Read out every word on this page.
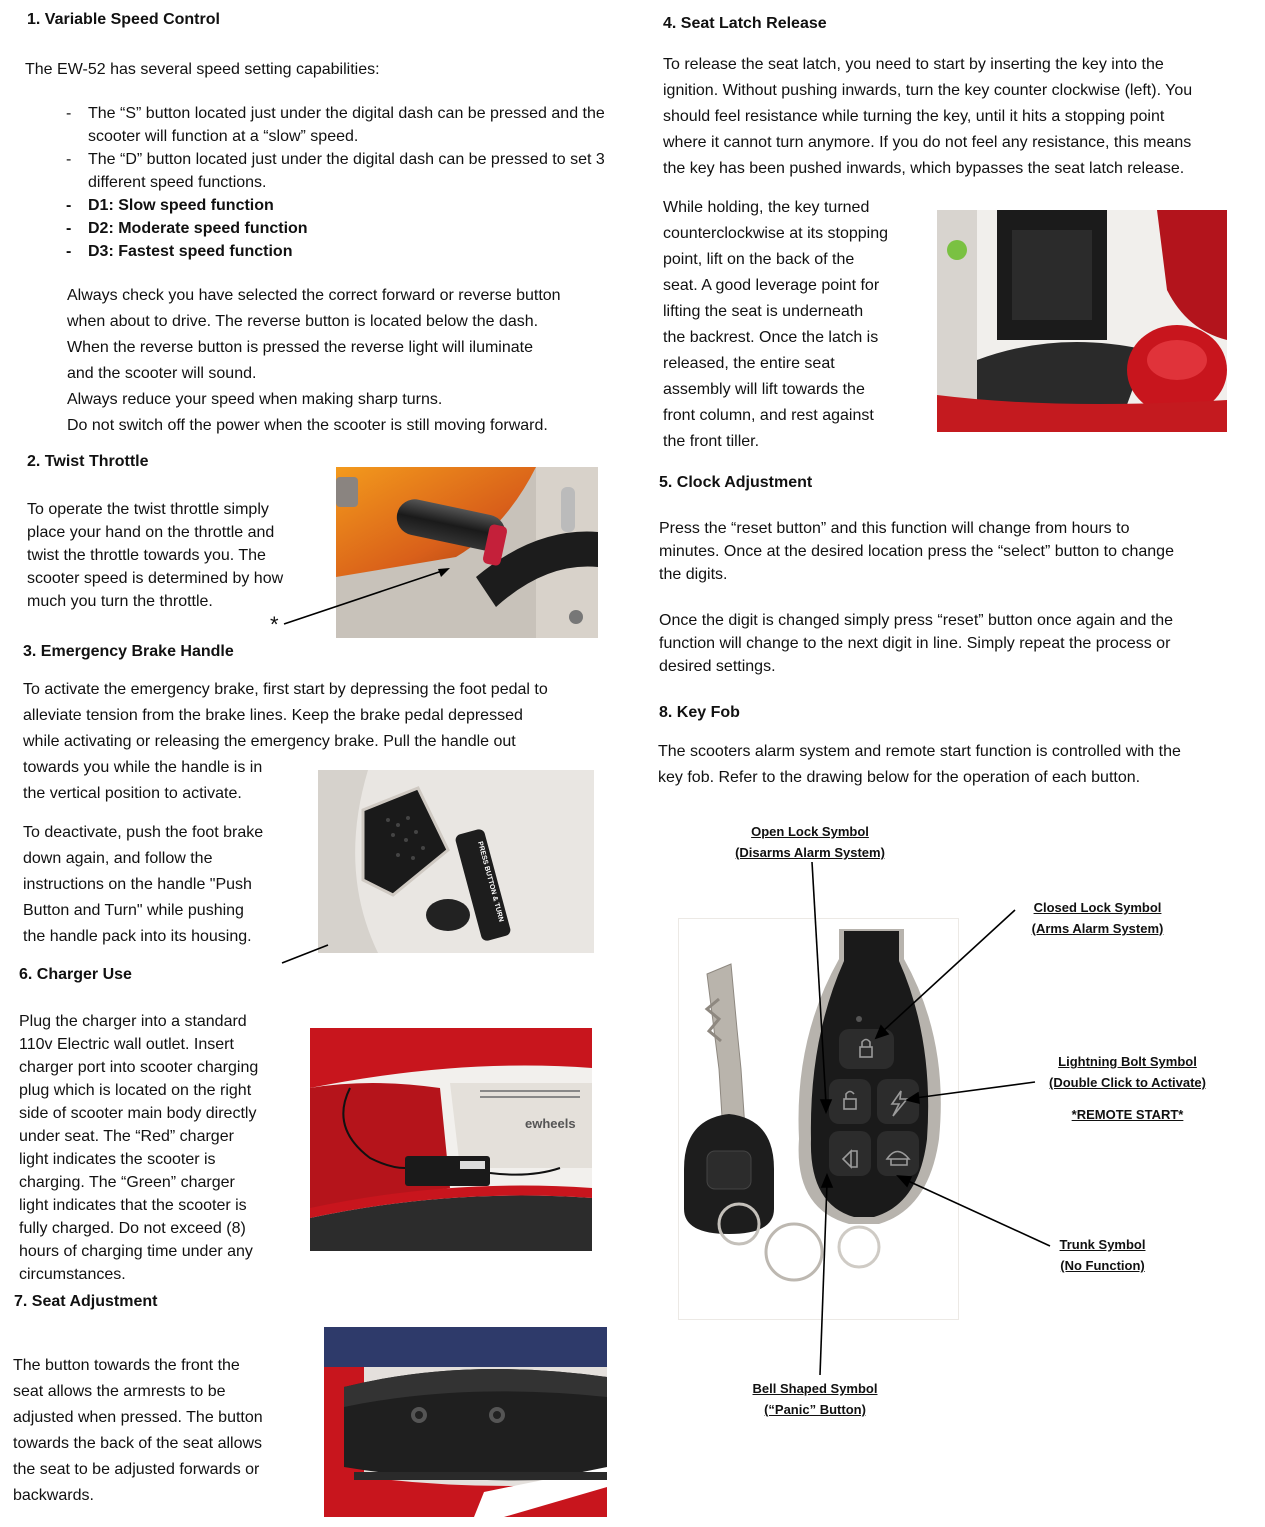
1. Variable Speed Control
The EW-52 has several speed setting capabilities:
- The “S” button located just under the digital dash can be pressed and the scooter will function at a “slow” speed.
- The “D” button located just under the digital dash can be pressed to set 3 different speed functions.
- D1: Slow speed function
- D2: Moderate speed function
- D3: Fastest speed function
Always check you have selected the correct forward or reverse button
when about to drive. The reverse button is located below the dash.
When the reverse button is pressed the reverse light will iluminate
and the scooter will sound.
Always reduce your speed when making sharp turns.
Do not switch off the power when the scooter is still moving forward.
2. Twist Throttle
To operate the twist throttle simply
place your hand on the throttle and
twist the throttle towards you. The
scooter speed is determined by how
much you turn the throttle.
*
3. Emergency Brake Handle
To activate the emergency brake, first start by depressing the foot pedal to
alleviate tension from the brake lines. Keep the brake pedal depressed
while activating or releasing the emergency brake. Pull the handle out
towards you while the handle is in
the vertical position to activate.
To deactivate, push the foot brake
down again, and follow the
instructions on the handle "Push
Button and Turn" while pushing
the handle pack into its housing.
PRESS BUTTON & TURN
4. Seat Latch Release
To release the seat latch, you need to start by inserting the key into the
ignition. Without pushing inwards, turn the key counter clockwise (left). You
should feel resistance while turning the key, until it hits a stopping point
where it cannot turn anymore. If you do not feel any resistance, this means
the key has been pushed inwards, which bypasses the seat latch release.
While holding, the key turned
counterclockwise at its stopping
point, lift on the back of the
seat. A good leverage point for
lifting the seat is underneath
the backrest. Once the latch is
released, the entire seat
assembly will lift towards the
front column, and rest against
the front tiller.
5. Clock Adjustment
Press the “reset button” and this function will change from hours to
minutes. Once at the desired location press the “select” button to change
the digits.
Once the digit is changed simply press “reset” button once again and the
function will change to the next digit in line. Simply repeat the process or
desired settings.
6. Charger Use
Plug the charger into a standard
110v Electric wall outlet. Insert
charger port into scooter charging
plug which is located on the right
side of scooter main body directly
under seat. The “Red” charger
light indicates the scooter is
charging. The “Green” charger
light indicates that the scooter is
fully charged. Do not exceed (8)
hours of charging time under any
circumstances.
ewheels
7. Seat Adjustment
The button towards the front the
seat allows the armrests to be
adjusted when pressed. The button
towards the back of the seat allows
the seat to be adjusted forwards or
backwards.
8. Key Fob
The scooters alarm system and remote start function is controlled with the
key fob. Refer to the drawing below for the operation of each button.
Open Lock Symbol
(Disarms Alarm System)
Closed Lock Symbol
(Arms Alarm System)
Lightning Bolt Symbol
(Double Click to Activate)
*REMOTE START*
Trunk Symbol
(No Function)
Bell Shaped Symbol
(“Panic” Button)
